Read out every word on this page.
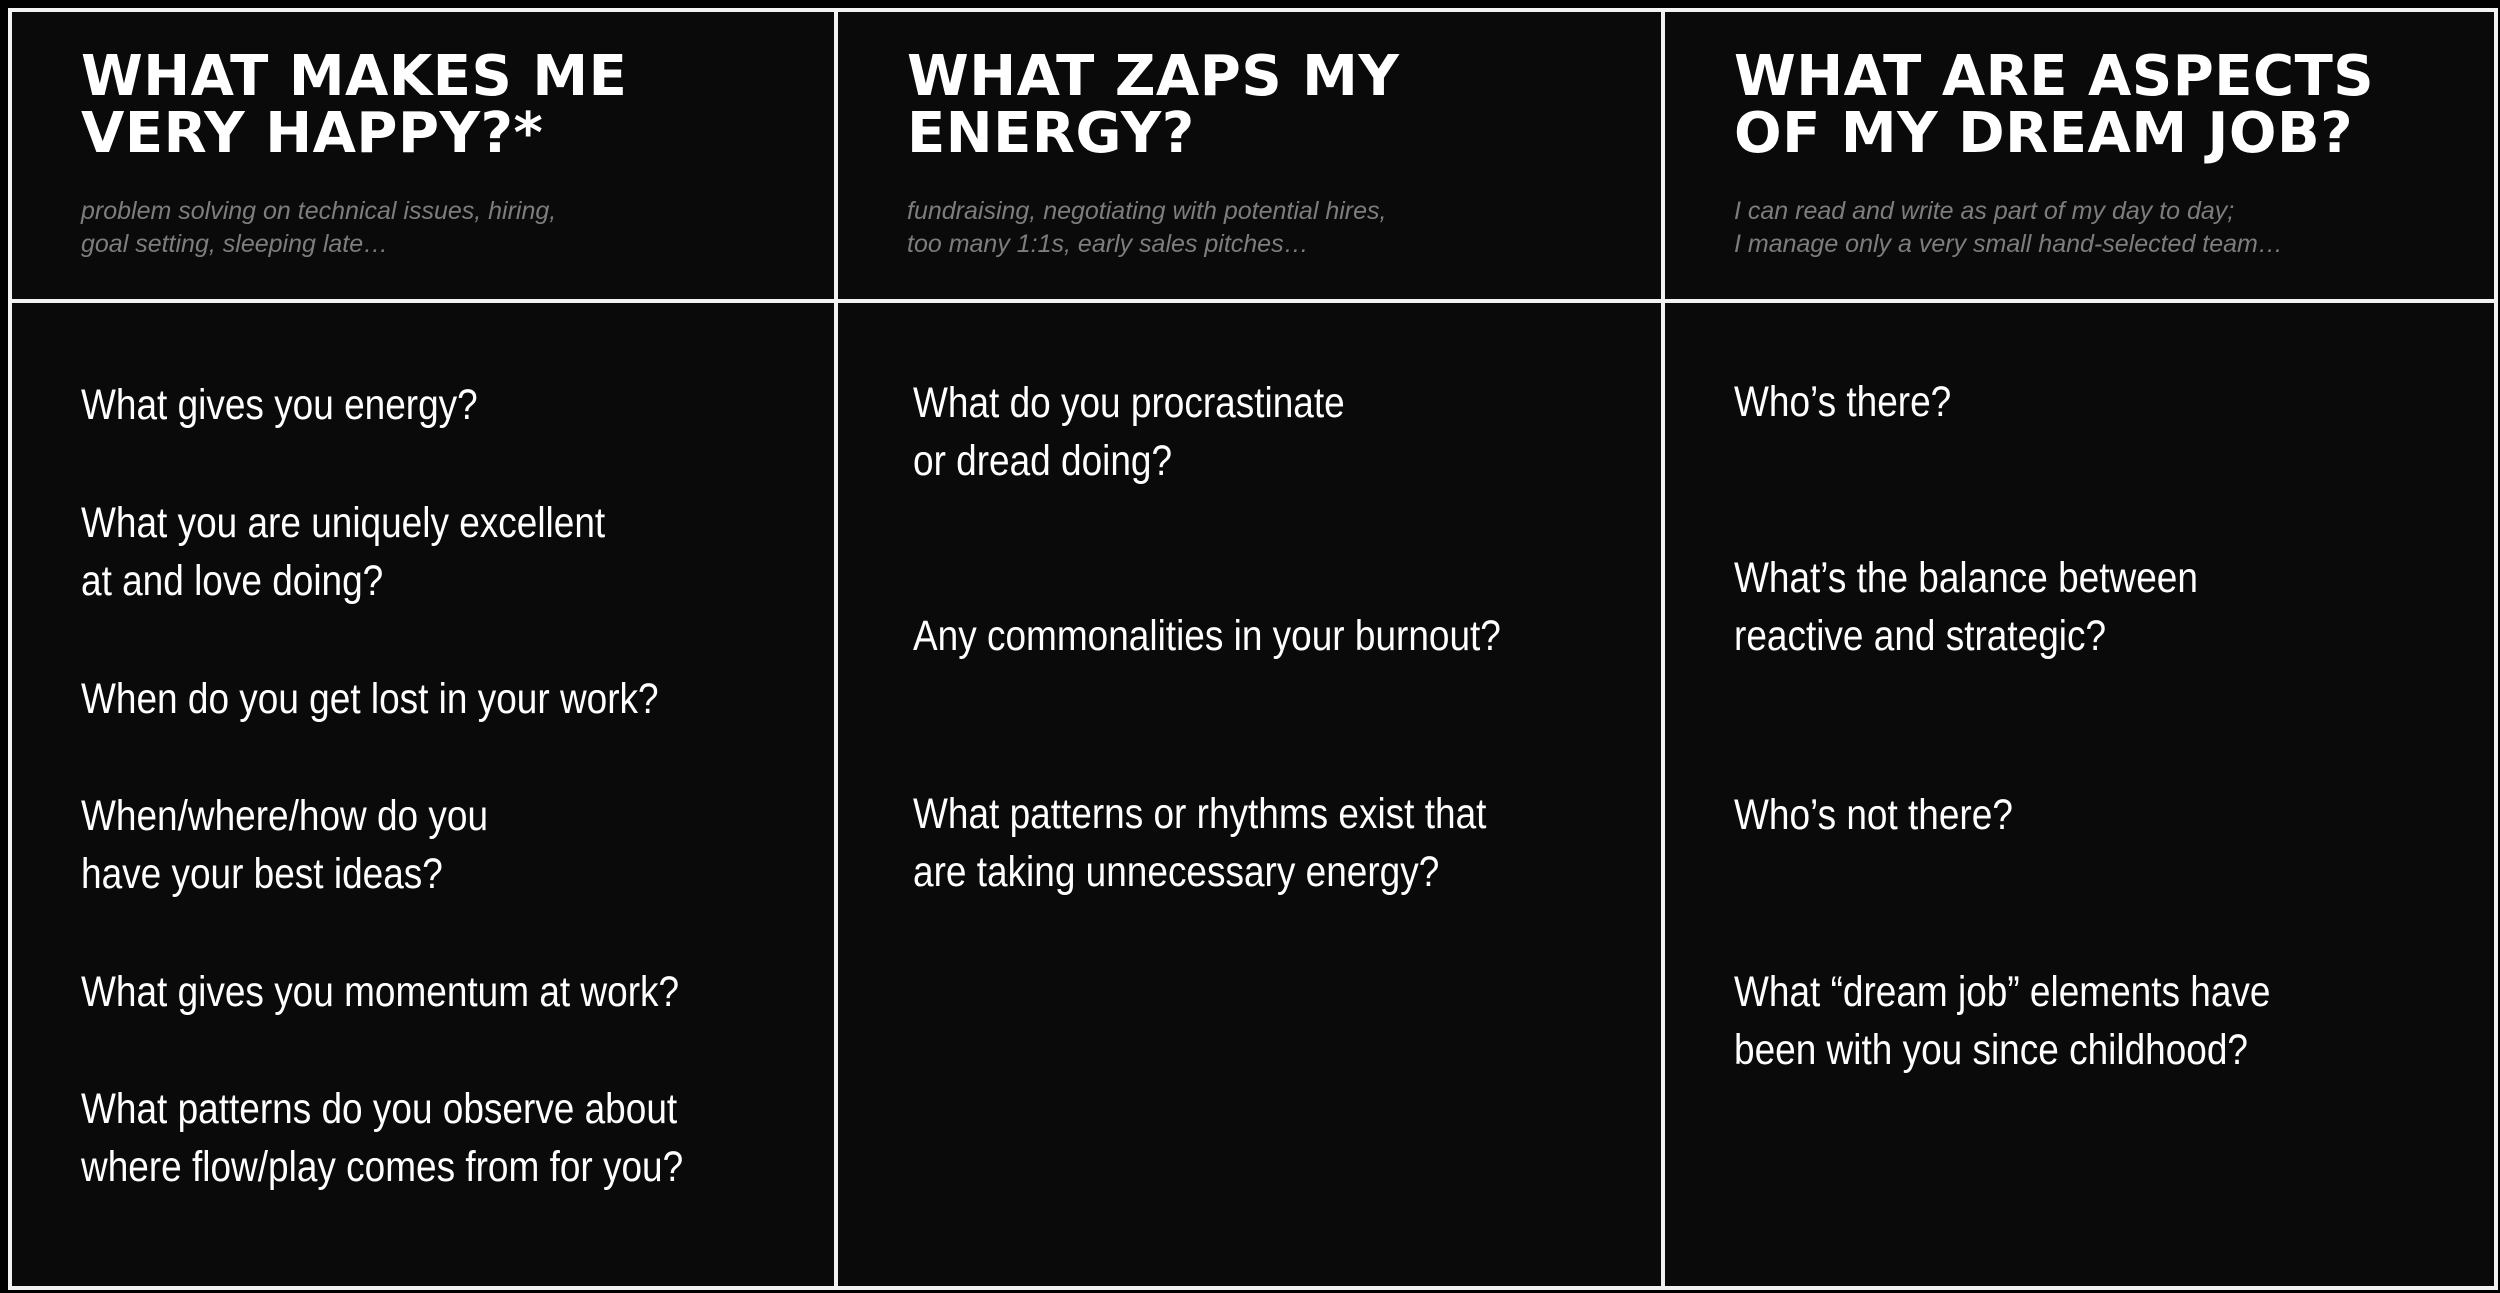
WHAT MAKES ME
VERY HAPPY?*

problem solving on technical issues, hiring,
goal setting, sleeping late…

What gives you energy?

What you are uniquely excellent
at and love doing?

When do you get lost in your work?

When/where/how do you
have your best ideas?

What gives you momentum at work?

What patterns do you observe about
where flow/play comes from for you?

WHAT ZAPS MY
ENERGY?

fundraising, negotiating with potential hires,
too many 1:1s, early sales pitches…

What do you procrastinate
or dread doing?

Any commonalities in your burnout?

What patterns or rhythms exist that
are taking unnecessary energy?

WHAT ARE ASPECTS
OF MY DREAM JOB?

I can read and write as part of my day to day;
I manage only a very small hand-selected team…

Who’s there?

What’s the balance between
reactive and strategic?

Who’s not there?

What “dream job” elements have
been with you since childhood?
